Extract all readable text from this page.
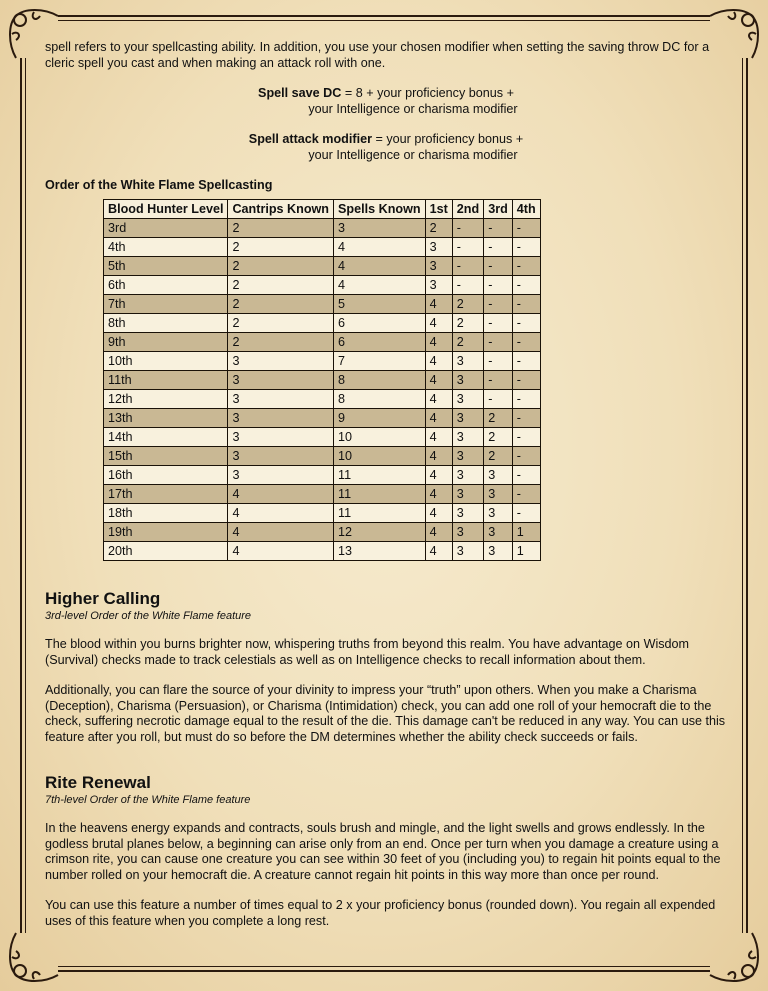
spell refers to your spellcasting ability. In addition, you use your chosen modifier when setting the saving throw DC for a cleric spell you cast and when making an attack roll with one.

Spell save DC = 8 + your proficiency bonus +
your Intelligence or charisma modifier
Spell attack modifier = your proficiency bonus +
your Intelligence or charisma modifier
Order of the White Flame Spellcasting
Blood Hunter Level	Cantrips Known	Spells Known	1st	2nd	3rd	4th
3rd	2	3	2	-	-	-
4th	2	4	3	-	-	-
5th	2	4	3	-	-	-
6th	2	4	3	-	-	-
7th	2	5	4	2	-	-
8th	2	6	4	2	-	-
9th	2	6	4	2	-	-
10th	3	7	4	3	-	-
11th	3	8	4	3	-	-
12th	3	8	4	3	-	-
13th	3	9	4	3	2	-
14th	3	10	4	3	2	-
15th	3	10	4	3	2	-
16th	3	11	4	3	3	-
17th	4	11	4	3	3	-
18th	4	11	4	3	3	-
19th	4	12	4	3	3	1
20th	4	13	4	3	3	1
Higher Calling
3rd-level Order of the White Flame feature

The blood within you burns brighter now, whispering truths from beyond this realm. You have advantage on Wisdom (Survival) checks made to track celestials as well as on Intelligence checks to recall information about them.

Additionally, you can flare the source of your divinity to impress your “truth” upon others. When you make a Charisma (Deception), Charisma (Persuasion), or Charisma (Intimidation) check, you can add one roll of your hemocraft die to the check, suffering necrotic damage equal to the result of the die. This damage can't be reduced in any way. You can use this feature after you roll, but must do so before the DM determines whether the ability check succeeds or fails.

Rite Renewal
7th-level Order of the White Flame feature

In the heavens energy expands and contracts, souls brush and mingle, and the light swells and grows endlessly. In the godless brutal planes below, a beginning can arise only from an end. Once per turn when you damage a creature using a crimson rite, you can cause one creature you can see within 30 feet of you (including you) to regain hit points equal to the number rolled on your hemocraft die. A creature cannot regain hit points in this way more than once per round.

You can use this feature a number of times equal to 2 x your proficiency bonus (rounded down). You regain all expended uses of this feature when you complete a long rest.
